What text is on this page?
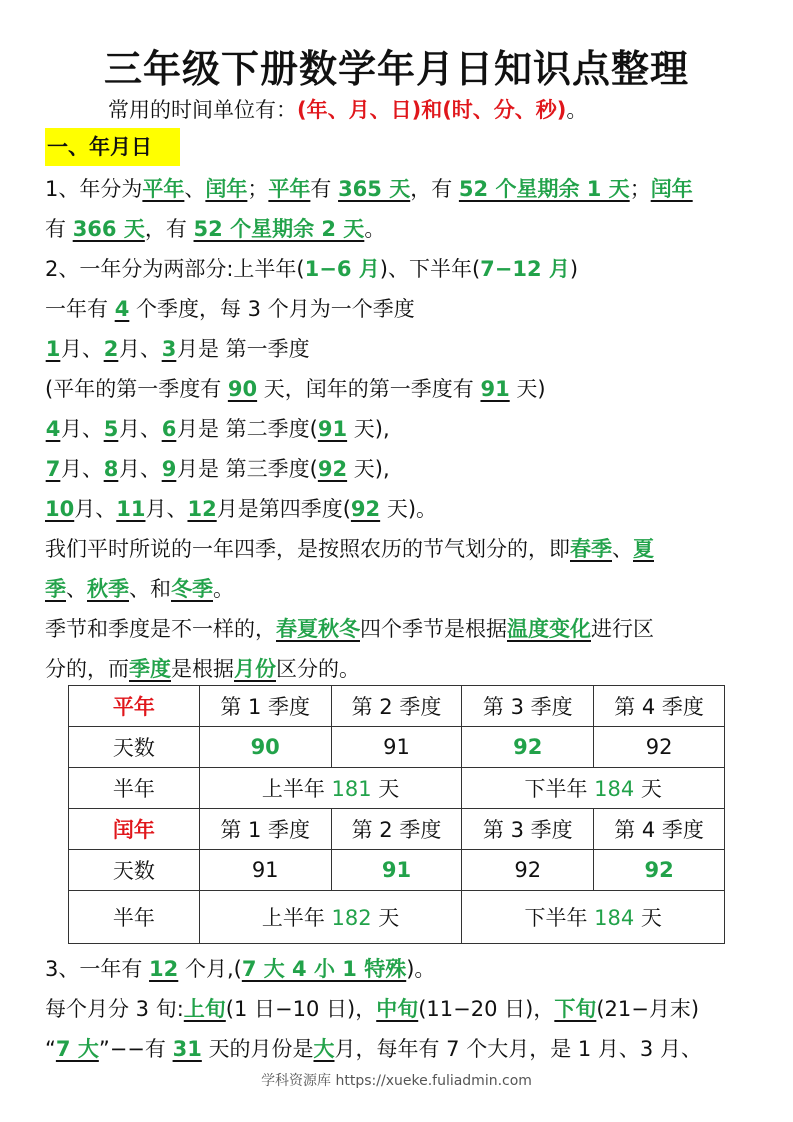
三年级下册数学年月日知识点整理
常用的时间单位有：(年、月、日)和(时、分、秒)。
一、年月日
1、年分为平年、闰年；平年有 365 天，有 52 个星期余 1 天；闰年
有 366 天，有 52 个星期余 2 天。
2、一年分为两部分:上半年(1−6 月)、下半年(7−12 月)
一年有 4 个季度，每 3 个月为一个季度
1月、2月、3月是 第一季度
(平年的第一季度有 90 天，闰年的第一季度有 91 天)
4月、5月、6月是 第二季度(91 天),
7月、8月、9月是 第三季度(92 天),
10月、11月、12月是第四季度(92 天)。
我们平时所说的一年四季，是按照农历的节气划分的，即春季、夏
季、秋季、和冬季。
季节和季度是不一样的，春夏秋冬四个季节是根据温度变化进行区
分的，而季度是根据月份区分的。
平年	第 1 季度	第 2 季度	第 3 季度	第 4 季度
天数	90	91	92	92
半年	上半年 181 天		下半年 184 天	
闰年	第 1 季度	第 2 季度	第 3 季度	第 4 季度
天数	91	91	92	92
半年	上半年 182 天		下半年 184 天	
3、一年有 12 个月,(7 大 4 小 1 特殊)。
每个月分 3 旬:上旬(1 日−10 日)，中旬(11−20 日)，下旬(21−月末)
“7 大”−−有 31 天的月份是大月，每年有 7 个大月，是 1 月、3 月、
学科资源库 https://xueke.fuliadmin.com
